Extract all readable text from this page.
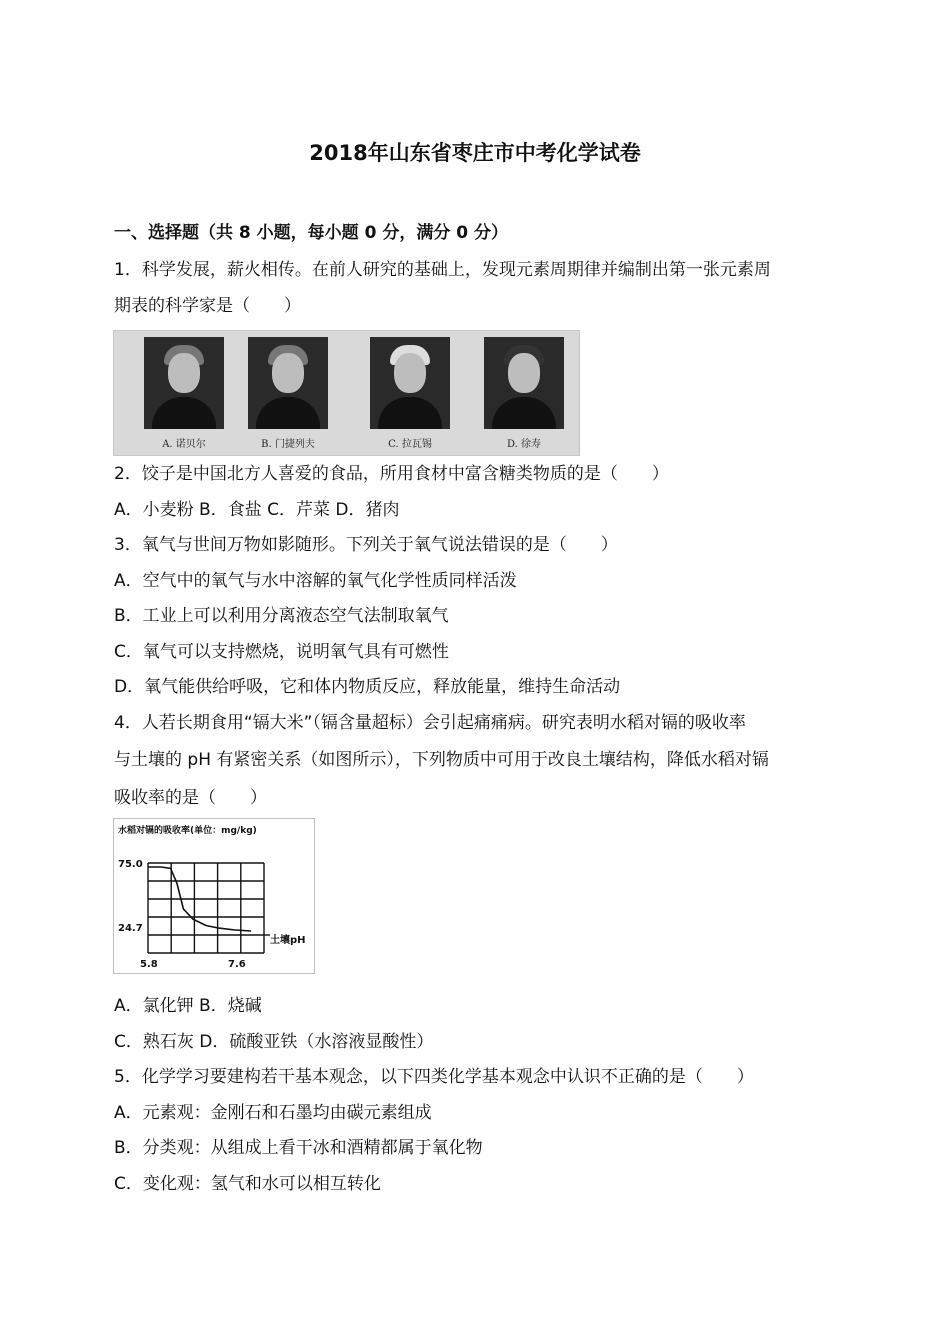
2018年山东省枣庄市中考化学试卷
一、选择题（共 8 小题，每小题 0 分，满分 0 分）
1．科学发展，薪火相传。在前人研究的基础上，发现元素周期律并编制出第一张元素周
期表的科学家是（　　）
A. 诺贝尔	B. 门捷列夫	C. 拉瓦锡	D. 徐寿
2．饺子是中国北方人喜爱的食品，所用食材中富含糖类物质的是（　　）
A．小麦粉 B．食盐 C．芹菜 D．猪肉
3．氧气与世间万物如影随形。下列关于氧气说法错误的是（　　）
A．空气中的氧气与水中溶解的氧气化学性质同样活泼
B．工业上可以利用分离液态空气法制取氧气
C．氧气可以支持燃烧，说明氧气具有可燃性
D．氧气能供给呼吸，它和体内物质反应，释放能量，维持生命活动
4．人若长期食用“镉大米”（镉含量超标）会引起痛痛病。研究表明水稻对镉的吸收率
与土壤的 pH 有紧密关系（如图所示），下列物质中可用于改良土壤结构，降低水稻对镉
吸收率的是（　　）
水稻对镉的吸收率(单位：mg/kg)
75.0
24.7
5.8	7.6
土壤pH
A．氯化钾 B．烧碱
C．熟石灰 D．硫酸亚铁（水溶液显酸性）
5．化学学习要建构若干基本观念，以下四类化学基本观念中认识不正确的是（　　）
A．元素观：金刚石和石墨均由碳元素组成
B．分类观：从组成上看干冰和酒精都属于氧化物
C．变化观：氢气和水可以相互转化
